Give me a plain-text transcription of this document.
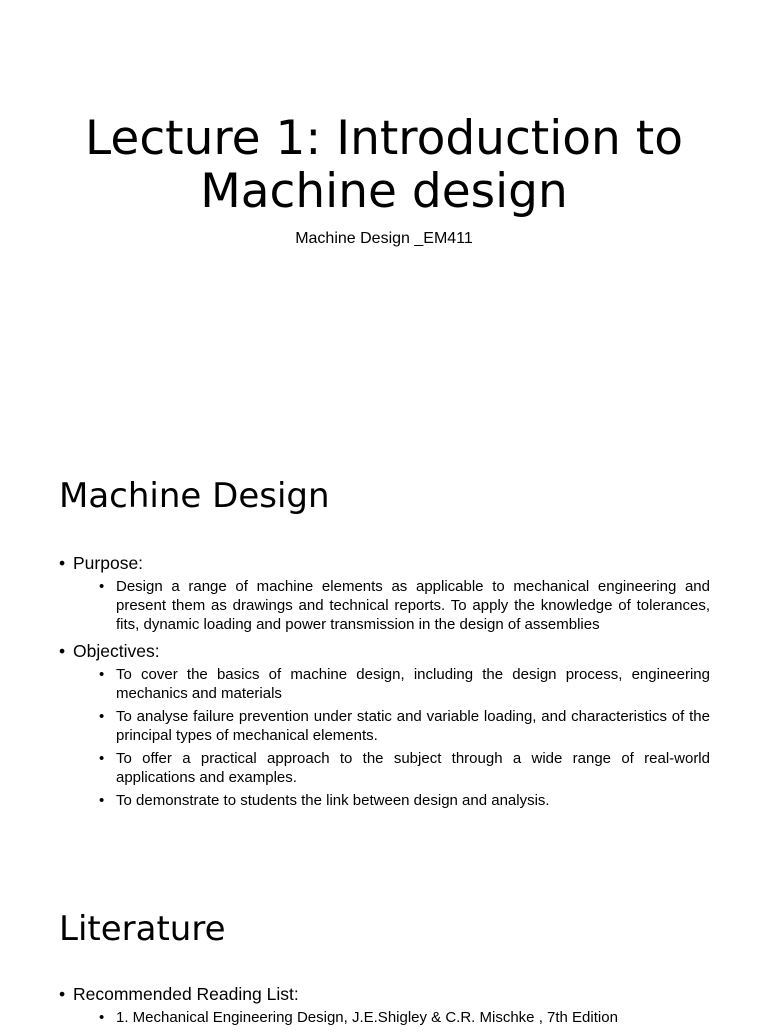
Lecture 1: Introduction to Machine design

Machine Design _EM411

Machine Design
• Purpose:
• Design a range of machine elements as applicable to mechanical engineering and present them as drawings and technical reports. To apply the knowledge of tolerances, fits, dynamic loading and power transmission in the design of assemblies
• Objectives:
• To cover the basics of machine design, including the design process, engineering mechanics and materials
• To analyse failure prevention under static and variable loading, and characteristics of the principal types of mechanical elements.
• To offer a practical approach to the subject through a wide range of real-world applications and examples.
• To demonstrate to students the link between design and analysis.
Literature
• Recommended Reading List:
• 1. Mechanical Engineering Design, J.E.Shigley & C.R. Mischke , 7th Edition
